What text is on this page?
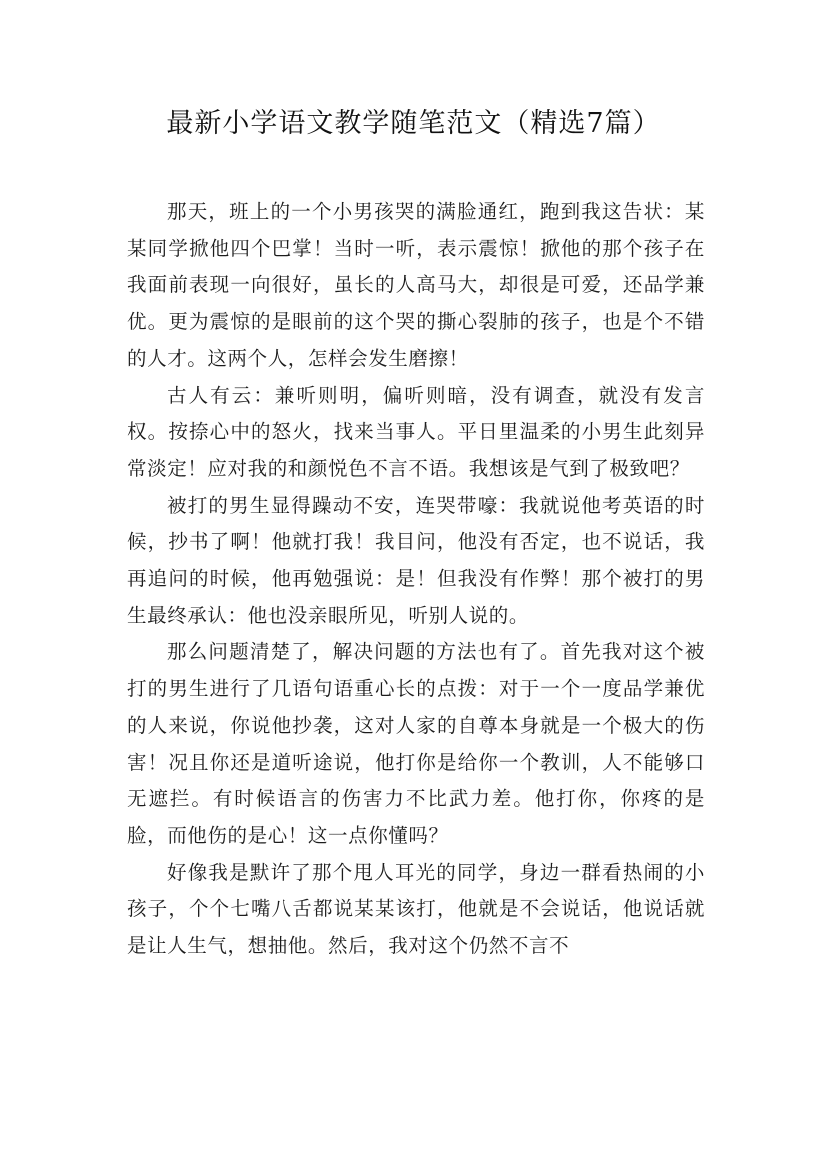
最新小学语文教学随笔范文（精选7篇）

那天，班上的一个小男孩哭的满脸通红，跑到我这告状：某某同学掀他四个巴掌！当时一听，表示震惊！掀他的那个孩子在我面前表现一向很好，虽长的人高马大，却很是可爱，还品学兼优。更为震惊的是眼前的这个哭的撕心裂肺的孩子，也是个不错的人才。这两个人，怎样会发生磨擦！

古人有云：兼听则明，偏听则暗，没有调查，就没有发言权。按捺心中的怒火，找来当事人。平日里温柔的小男生此刻异常淡定！应对我的和颜悦色不言不语。我想该是气到了极致吧？

被打的男生显得躁动不安，连哭带嚎：我就说他考英语的时候，抄书了啊！他就打我！我目问，他没有否定，也不说话，我再追问的时候，他再勉强说：是！但我没有作弊！那个被打的男生最终承认：他也没亲眼所见，听别人说的。

那么问题清楚了，解决问题的方法也有了。首先我对这个被打的男生进行了几语句语重心长的点拨：对于一个一度品学兼优的人来说，你说他抄袭，这对人家的自尊本身就是一个极大的伤害！况且你还是道听途说，他打你是给你一个教训，人不能够口无遮拦。有时候语言的伤害力不比武力差。他打你，你疼的是脸，而他伤的是心！这一点你懂吗？

好像我是默许了那个甩人耳光的同学，身边一群看热闹的小孩子，个个七嘴八舌都说某某该打，他就是不会说话，他说话就是让人生气，想抽他。然后，我对这个仍然不言不
